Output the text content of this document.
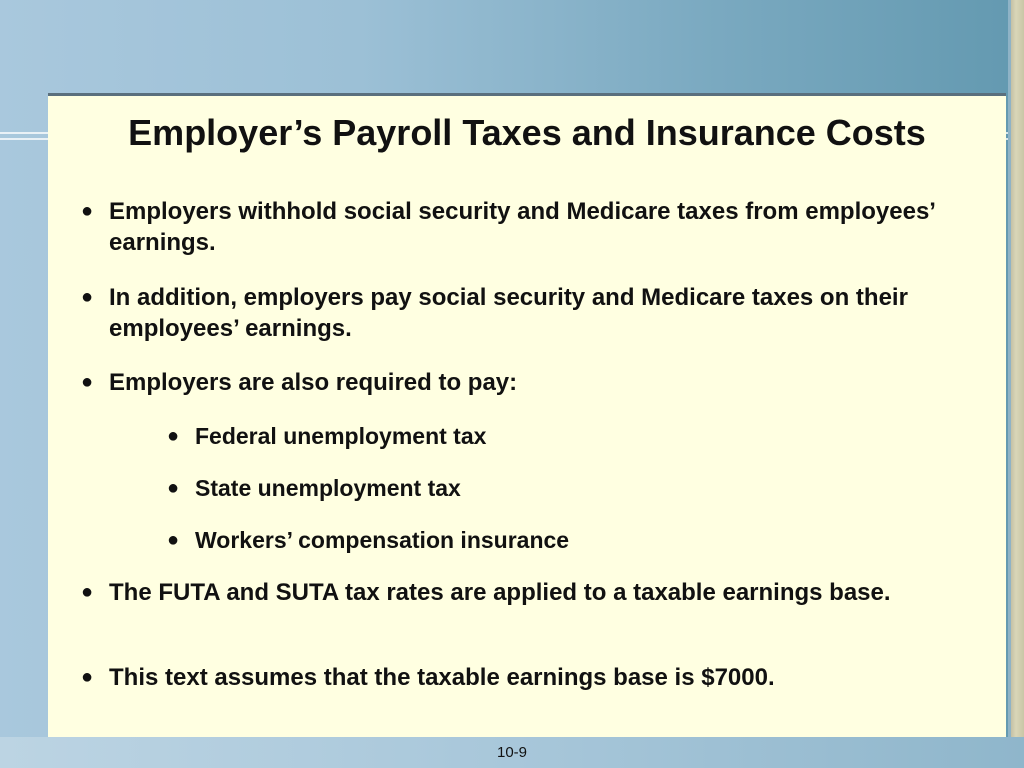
Employer’s Payroll Taxes and Insurance Costs
● Employers withhold social security and Medicare taxes from employees’ earnings.
● In addition, employers pay social security and Medicare taxes on their employees’ earnings.
● Employers are also required to pay:
● Federal unemployment tax
● State unemployment tax
● Workers’ compensation insurance
● The FUTA and SUTA tax rates are applied to a taxable earnings base.
● This text assumes that the taxable earnings base is $7000.
10-9
